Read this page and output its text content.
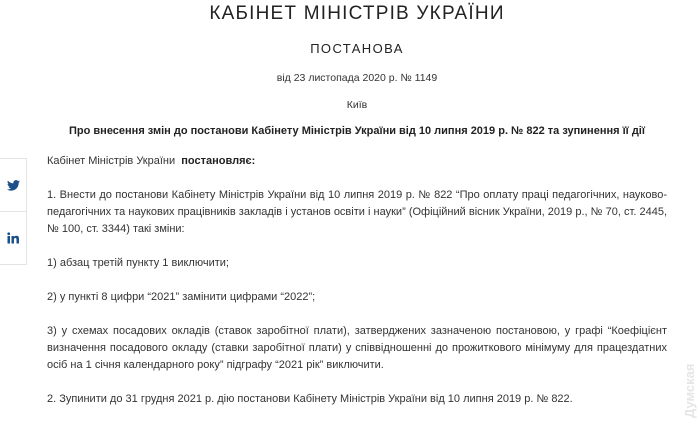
КАБІНЕТ МІНІСТРІВ УКРАЇНИ
ПОСТАНОВА
від 23 листопада 2020 р. № 1149
Київ
Про внесення змін до постанови Кабінету Міністрів України від 10 липня 2019 р. № 822 та зупинення її дії
Кабінет Міністрів України постановляє:
1. Внести до постанови Кабінету Міністрів України від 10 липня 2019 р. № 822 “Про оплату праці педагогічних, науково-педагогічних та наукових працівників закладів і установ освіти і науки” (Офіційний вісник України, 2019 р., № 70, ст. 2445, № 100, ст. 3344) такі зміни:
1) абзац третій пункту 1 виключити;
2) у пункті 8 цифри “2021” замінити цифрами “2022”;
3) у схемах посадових окладів (ставок заробітної плати), затверджених зазначеною постановою, у графі “Коефіцієнт визначення посадового окладу (ставки заробітної плати) у співвідношенні до прожиткового мінімуму для працездатних осіб на 1 січня календарного року” підграфу “2021 рік” виключити.
2. Зупинити до 31 грудня 2021 р. дію постанови Кабінету Міністрів України від 10 липня 2019 р. № 822.	Думская
